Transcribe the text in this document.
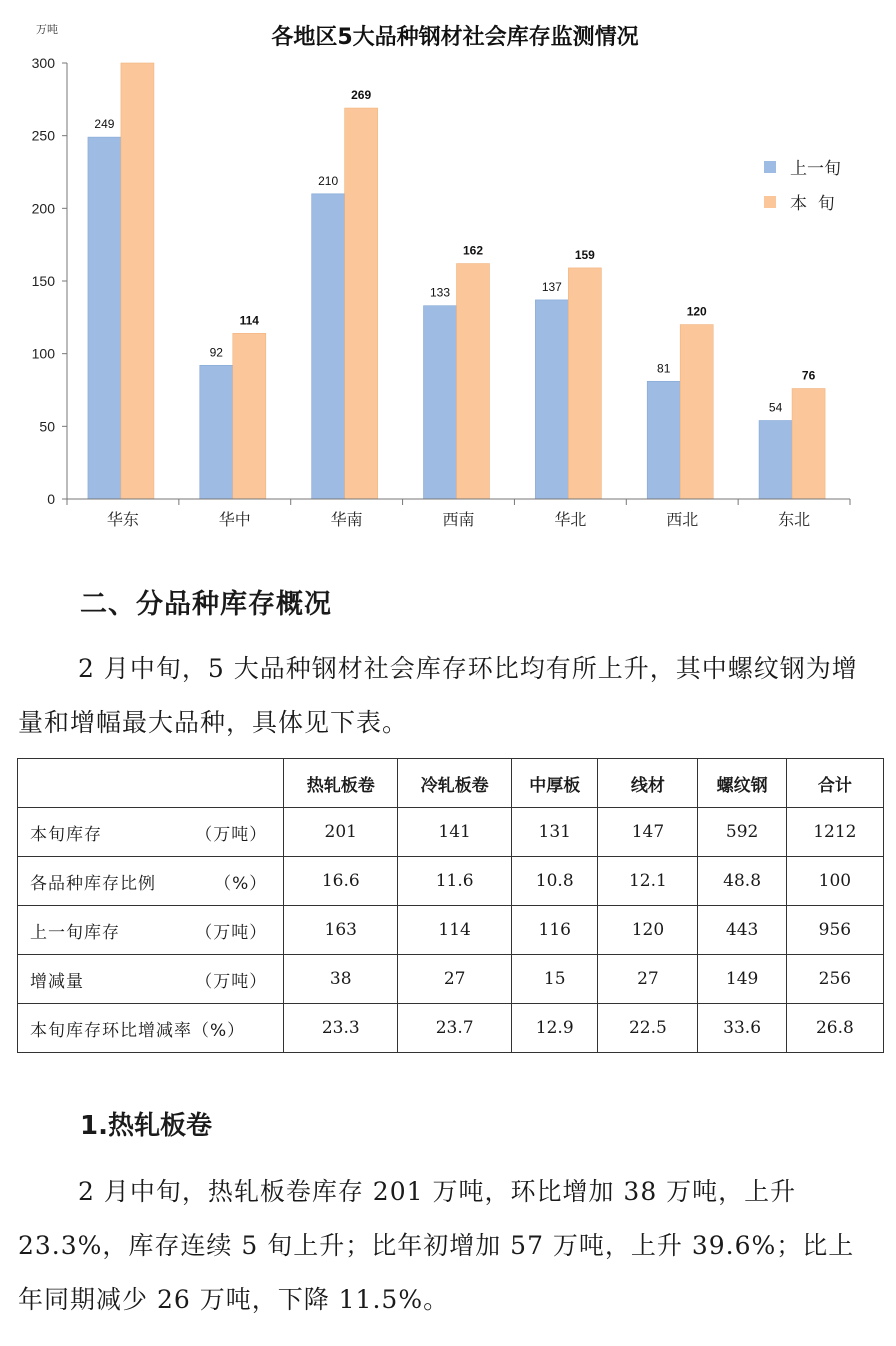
万吨	各地区5大品种钢材社会库存监测情况
0
50
100
150
200
250
300
249
92
210
133	137
81
54
114
269
162	159
120
76
华东	华中	华南	西南	华北	西北	东北
上一旬
本  旬
二、分品种库存概况
2 月中旬，5 大品种钢材社会库存环比均有所上升，其中螺纹钢为增量和增幅最大品种，具体见下表。
	热轧板卷	冷轧板卷	中厚板	线材	螺纹钢	合计
本旬库存 （万吨）	201	141	131	147	592	1212
各品种库存比例 （%）	16.6	11.6	10.8	12.1	48.8	100
上一旬库存 （万吨）	163	114	116	120	443	956
增减量 （万吨）	38	27	15	27	149	256
本旬库存环比增减率（%）	23.3	23.7	12.9	22.5	33.6	26.8
1.热轧板卷
2 月中旬，热轧板卷库存 201 万吨，环比增加 38 万吨，上升 23.3%，库存连续 5 旬上升；比年初增加 57 万吨，上升 39.6%；比上年同期减少 26 万吨，下降 11.5%。
